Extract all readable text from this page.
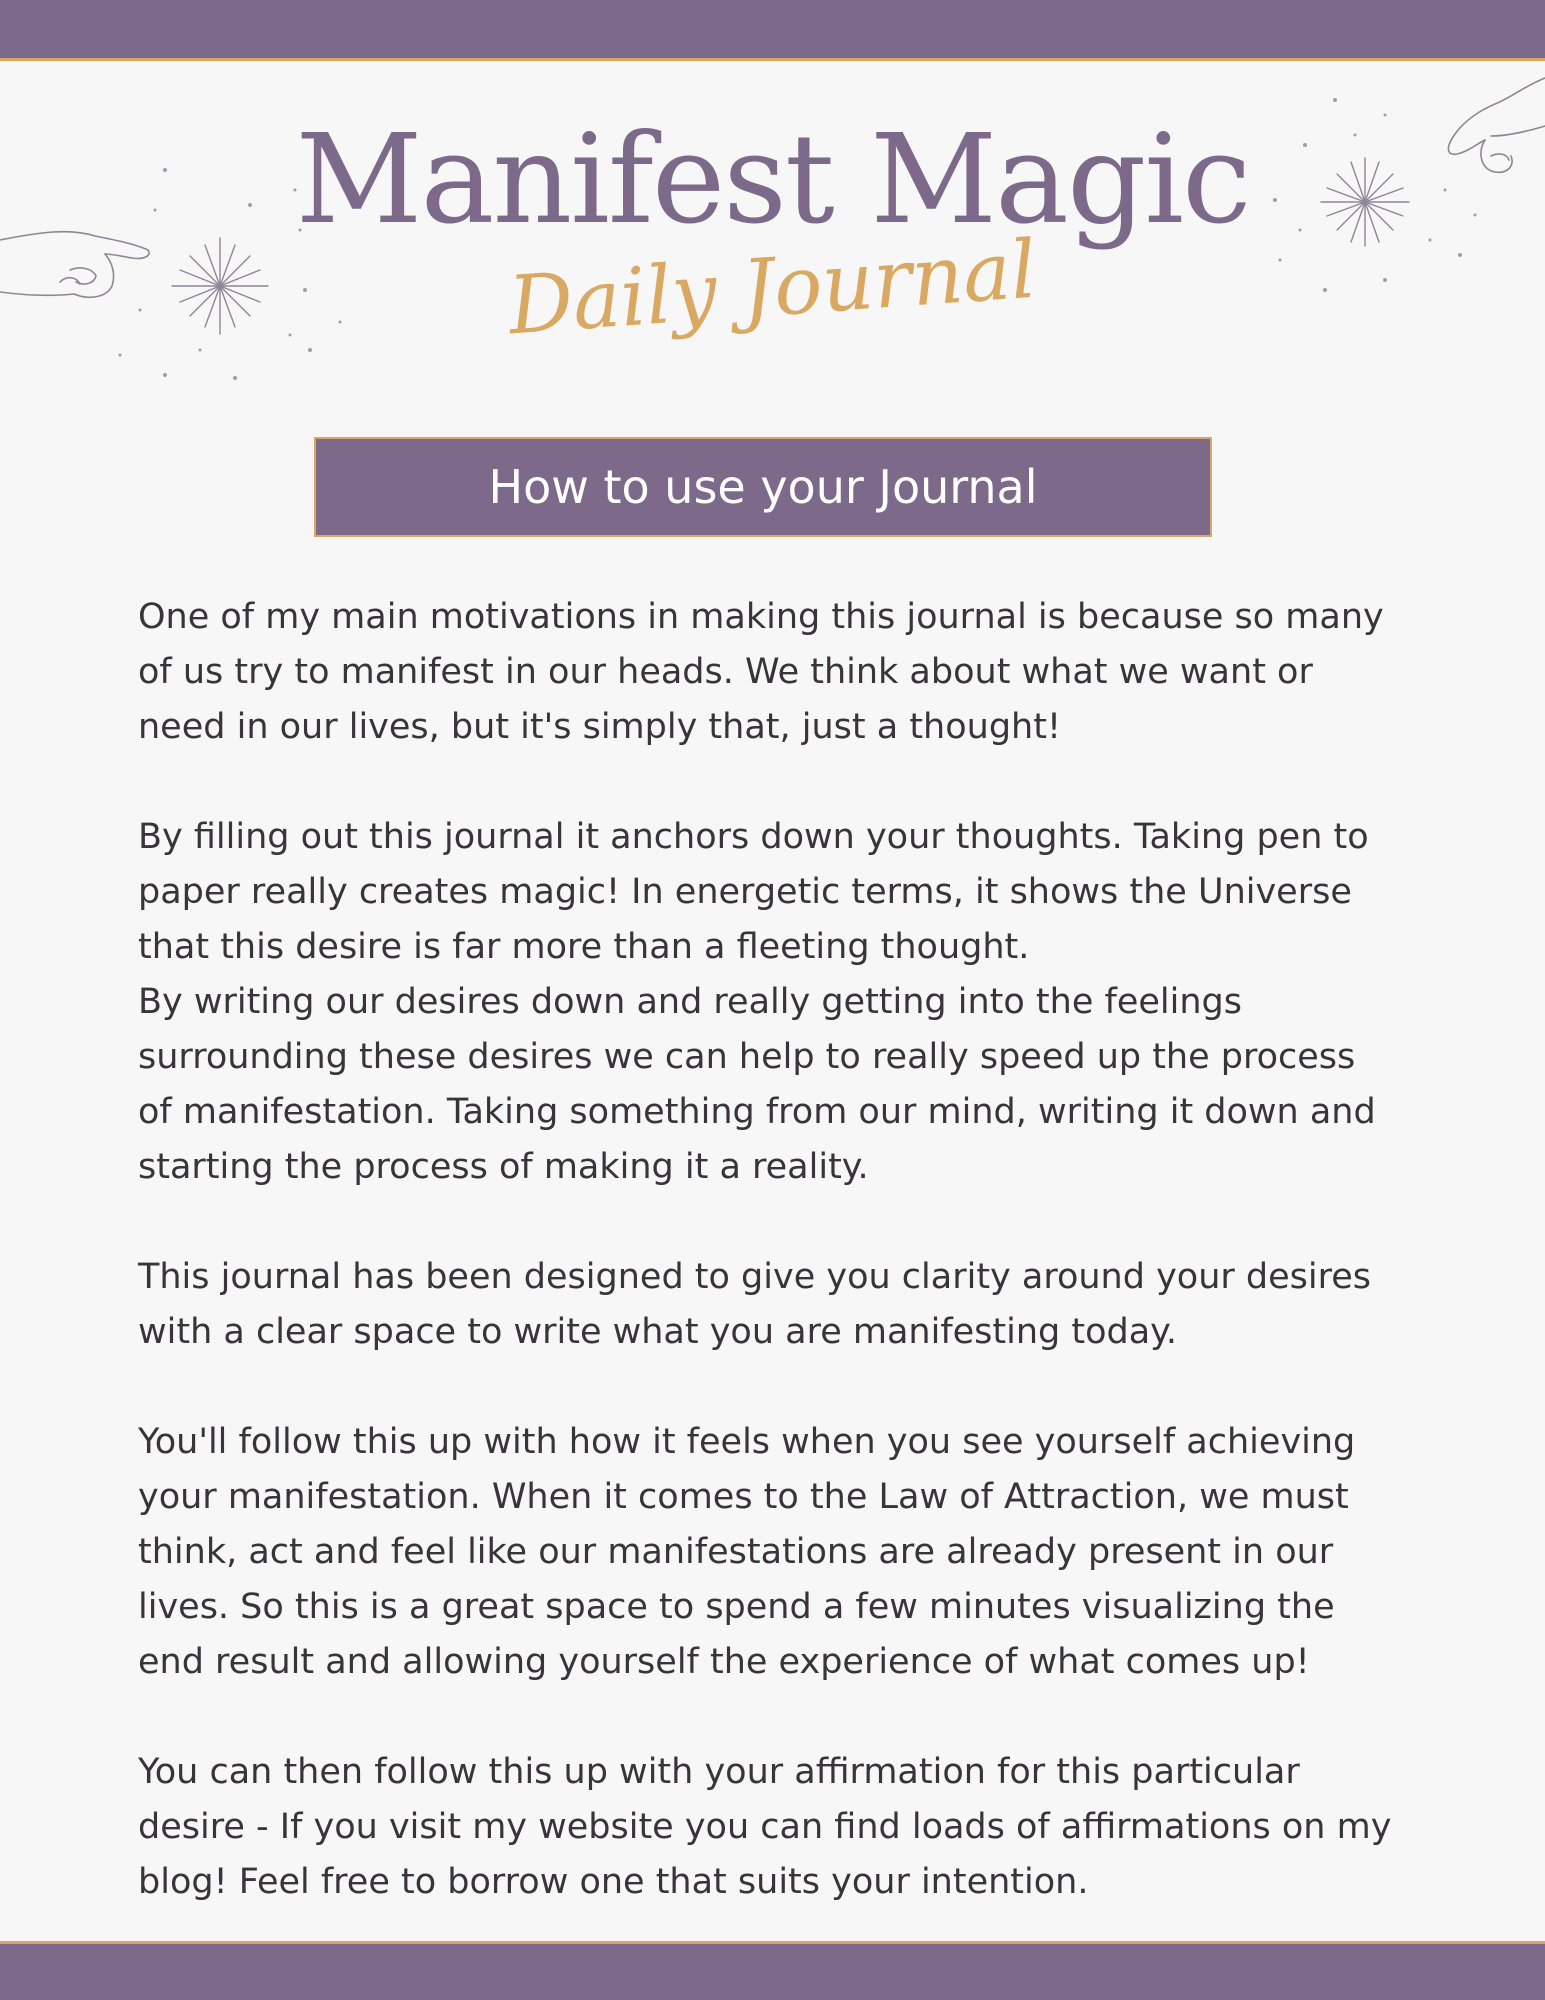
Manifest Magic
Daily Journal
How to use your Journal

One of my main motivations in making this journal is because so many of us try to manifest in our heads. We think about what we want or need in our lives, but it's simply that, just a thought!

By filling out this journal it anchors down your thoughts. Taking pen to paper really creates magic! In energetic terms, it shows the Universe that this desire is far more than a fleeting thought.

By writing our desires down and really getting into the feelings surrounding these desires we can help to really speed up the process of manifestation. Taking something from our mind, writing it down and starting the process of making it a reality.

This journal has been designed to give you clarity around your desires with a clear space to write what you are manifesting today.

You'll follow this up with how it feels when you see yourself achieving your manifestation. When it comes to the Law of Attraction, we must think, act and feel like our manifestations are already present in our lives. So this is a great space to spend a few minutes visualizing the end result and allowing yourself the experience of what comes up!

You can then follow this up with your affirmation for this particular desire - If you visit my website you can find loads of affirmations on my blog! Feel free to borrow one that suits your intention.
